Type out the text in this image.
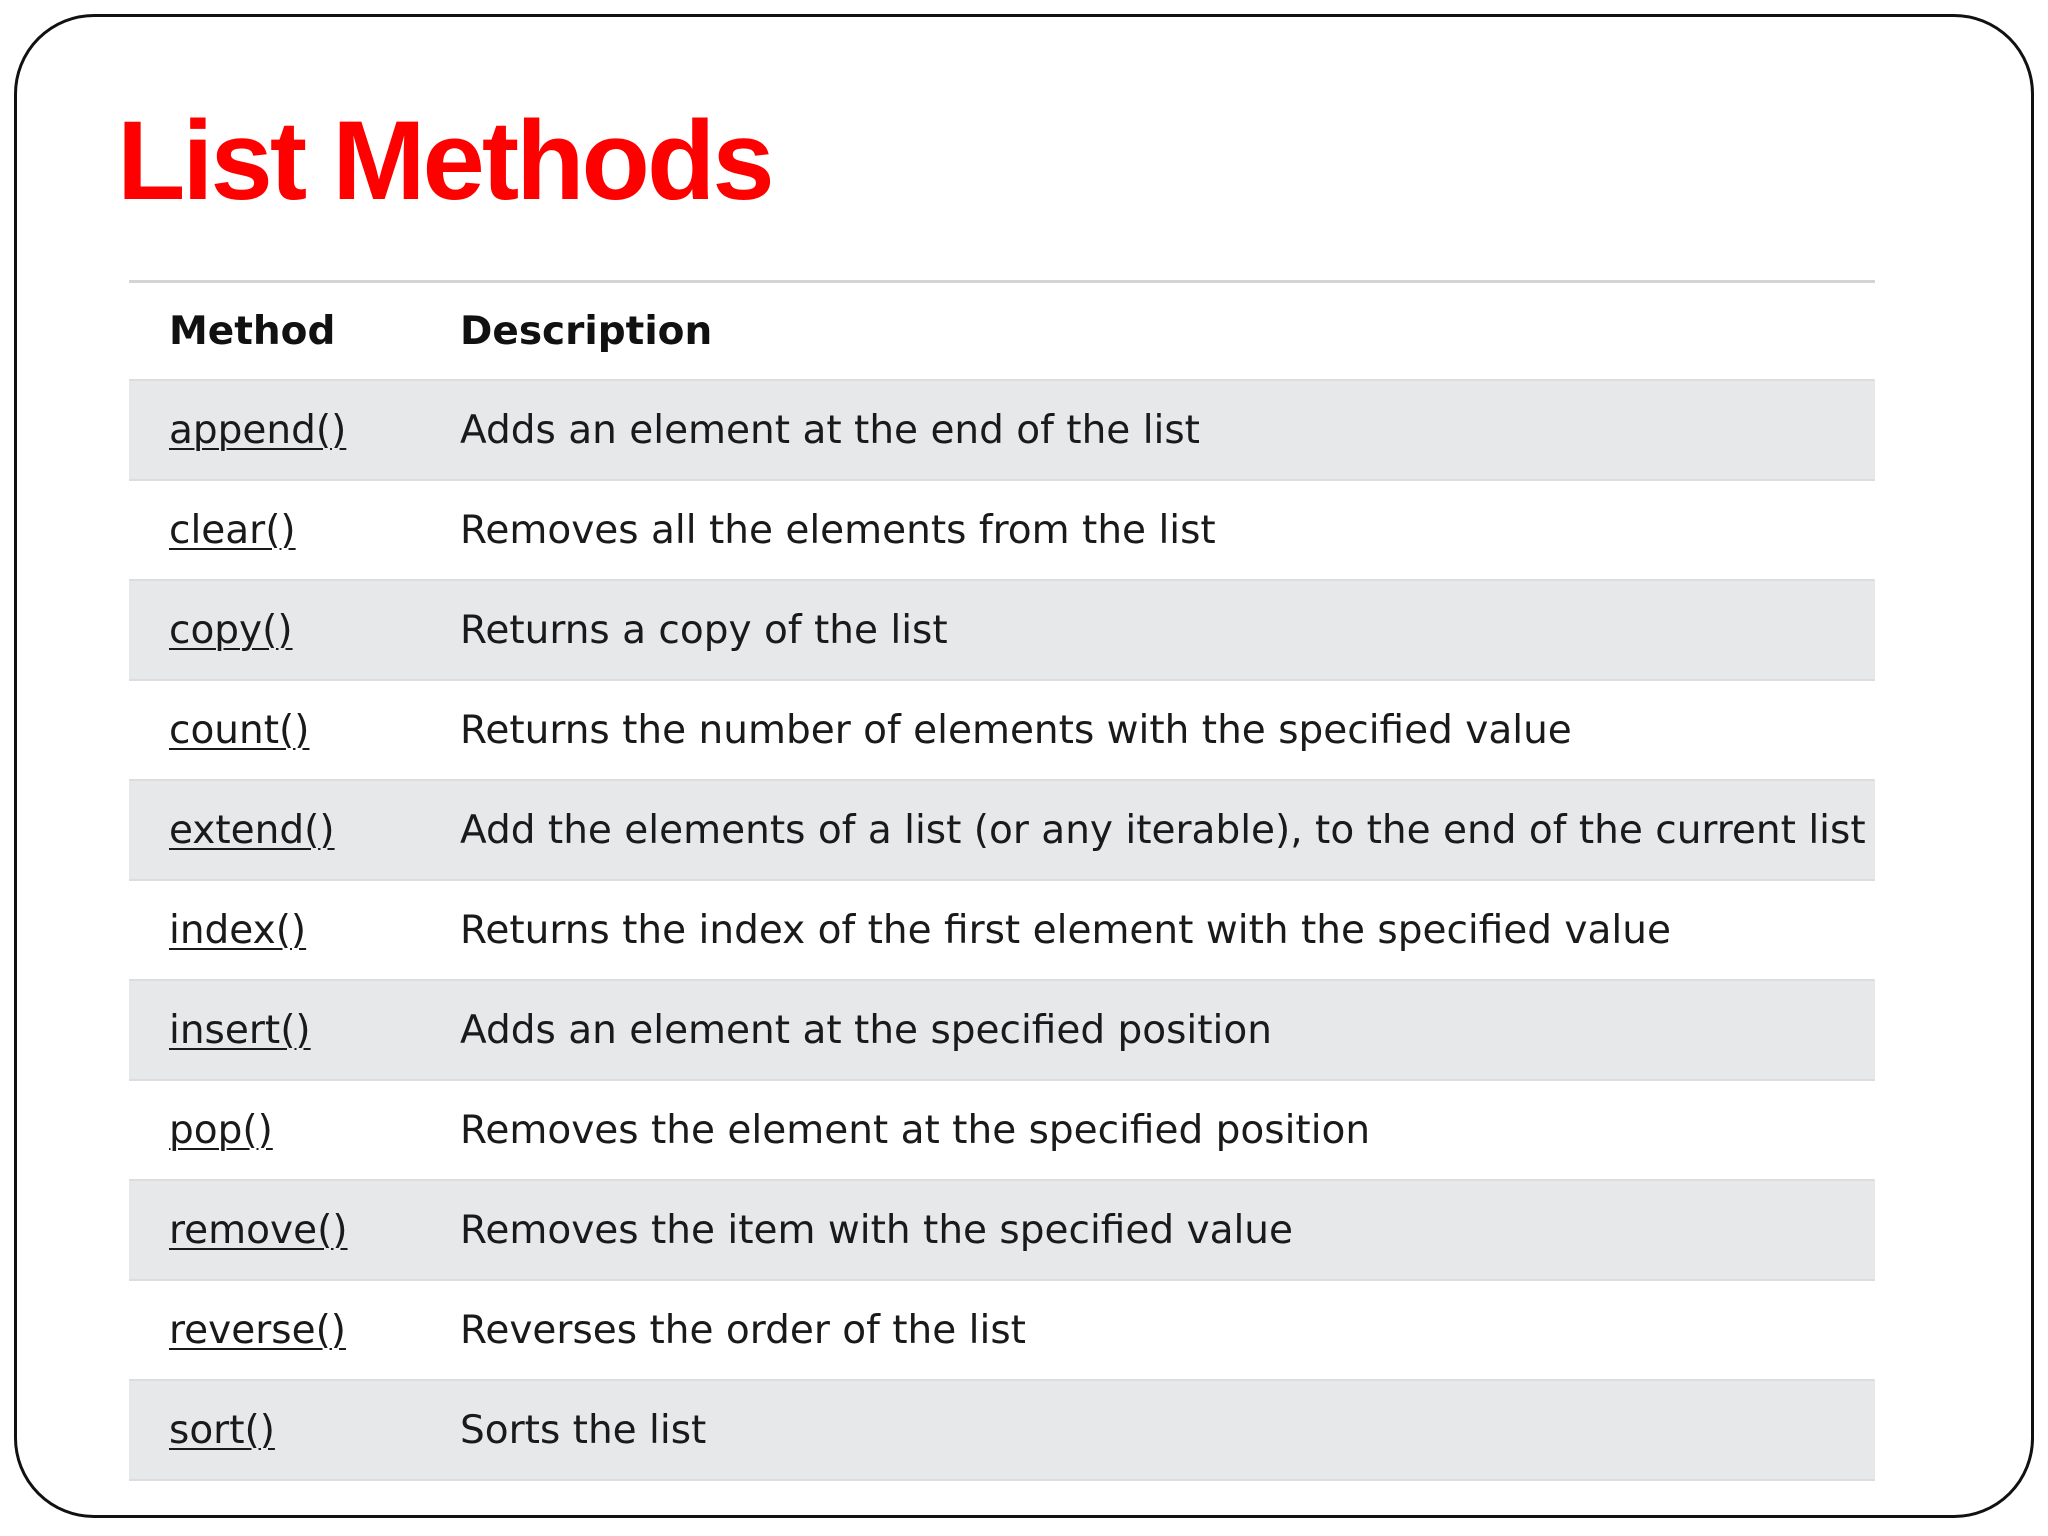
List Methods
Method	Description
append()	Adds an element at the end of the list
clear()	Removes all the elements from the list
copy()	Returns a copy of the list
count()	Returns the number of elements with the specified value
extend()	Add the elements of a list (or any iterable), to the end of the current list
index()	Returns the index of the first element with the specified value
insert()	Adds an element at the specified position
pop()	Removes the element at the specified position
remove()	Removes the item with the specified value
reverse()	Reverses the order of the list
sort()	Sorts the list
